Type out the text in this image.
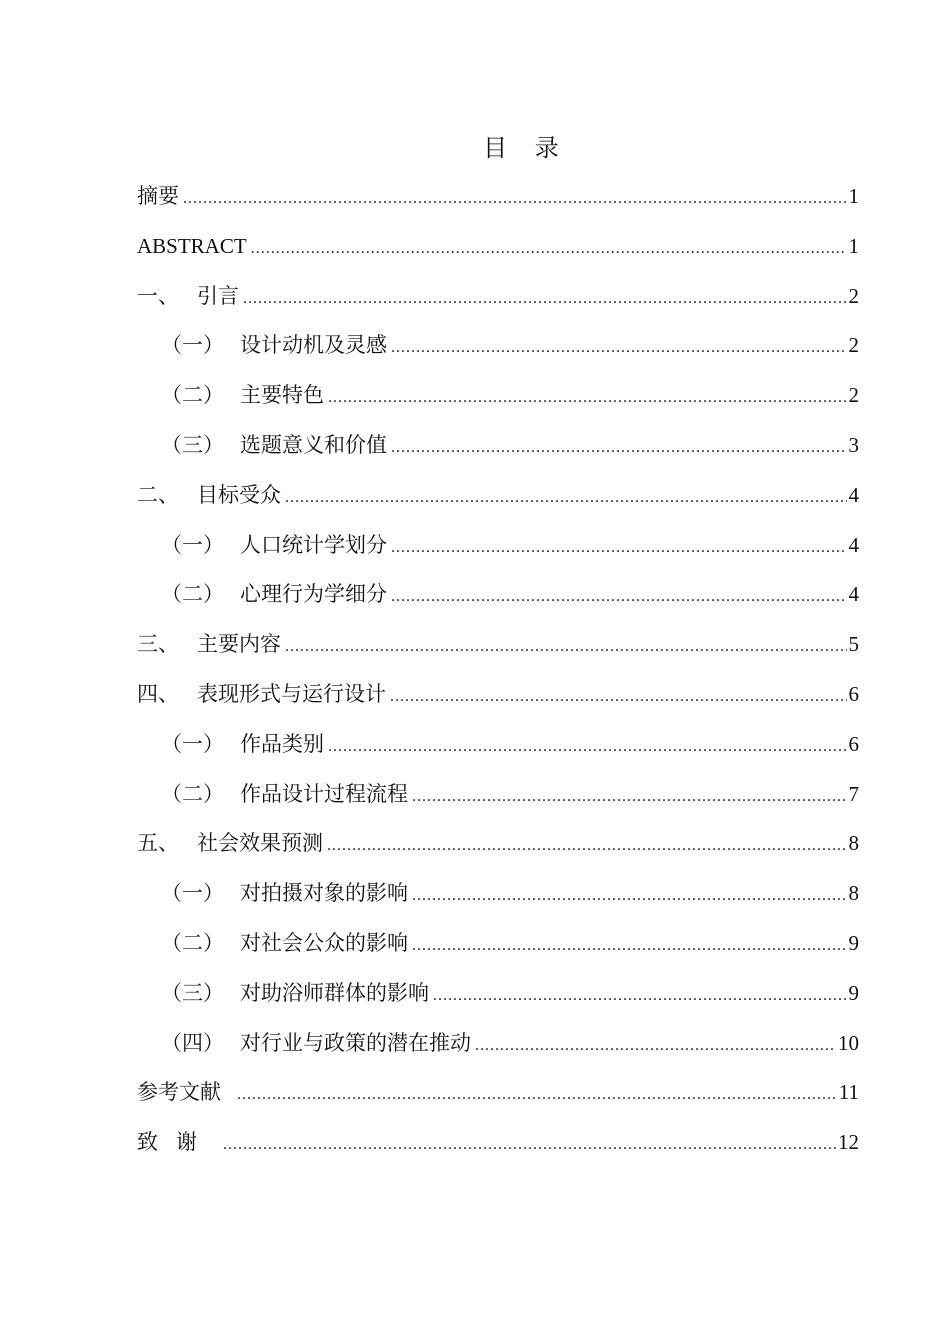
目 录
摘要 .....	1
ABSTRACT .....	1
一、 引言 .....	2
（一） 设计动机及灵感 .....	2
（二） 主要特色 .....	2
（三） 选题意义和价值 .....	3
二、 目标受众 .....	4
（一） 人口统计学划分 .....	4
（二） 心理行为学细分 .....	4
三、 主要内容 .....	5
四、 表现形式与运行设计 .....	6
（一） 作品类别 .....	6
（二） 作品设计过程流程 .....	7
五、 社会效果预测 .....	8
（一） 对拍摄对象的影响 .....	8
（二） 对社会公众的影响 .....	9
（三） 对助浴师群体的影响 .....	9
（四） 对行业与政策的潜在推动 .....	10
参考文献 .....	11
致谢 .....	12
